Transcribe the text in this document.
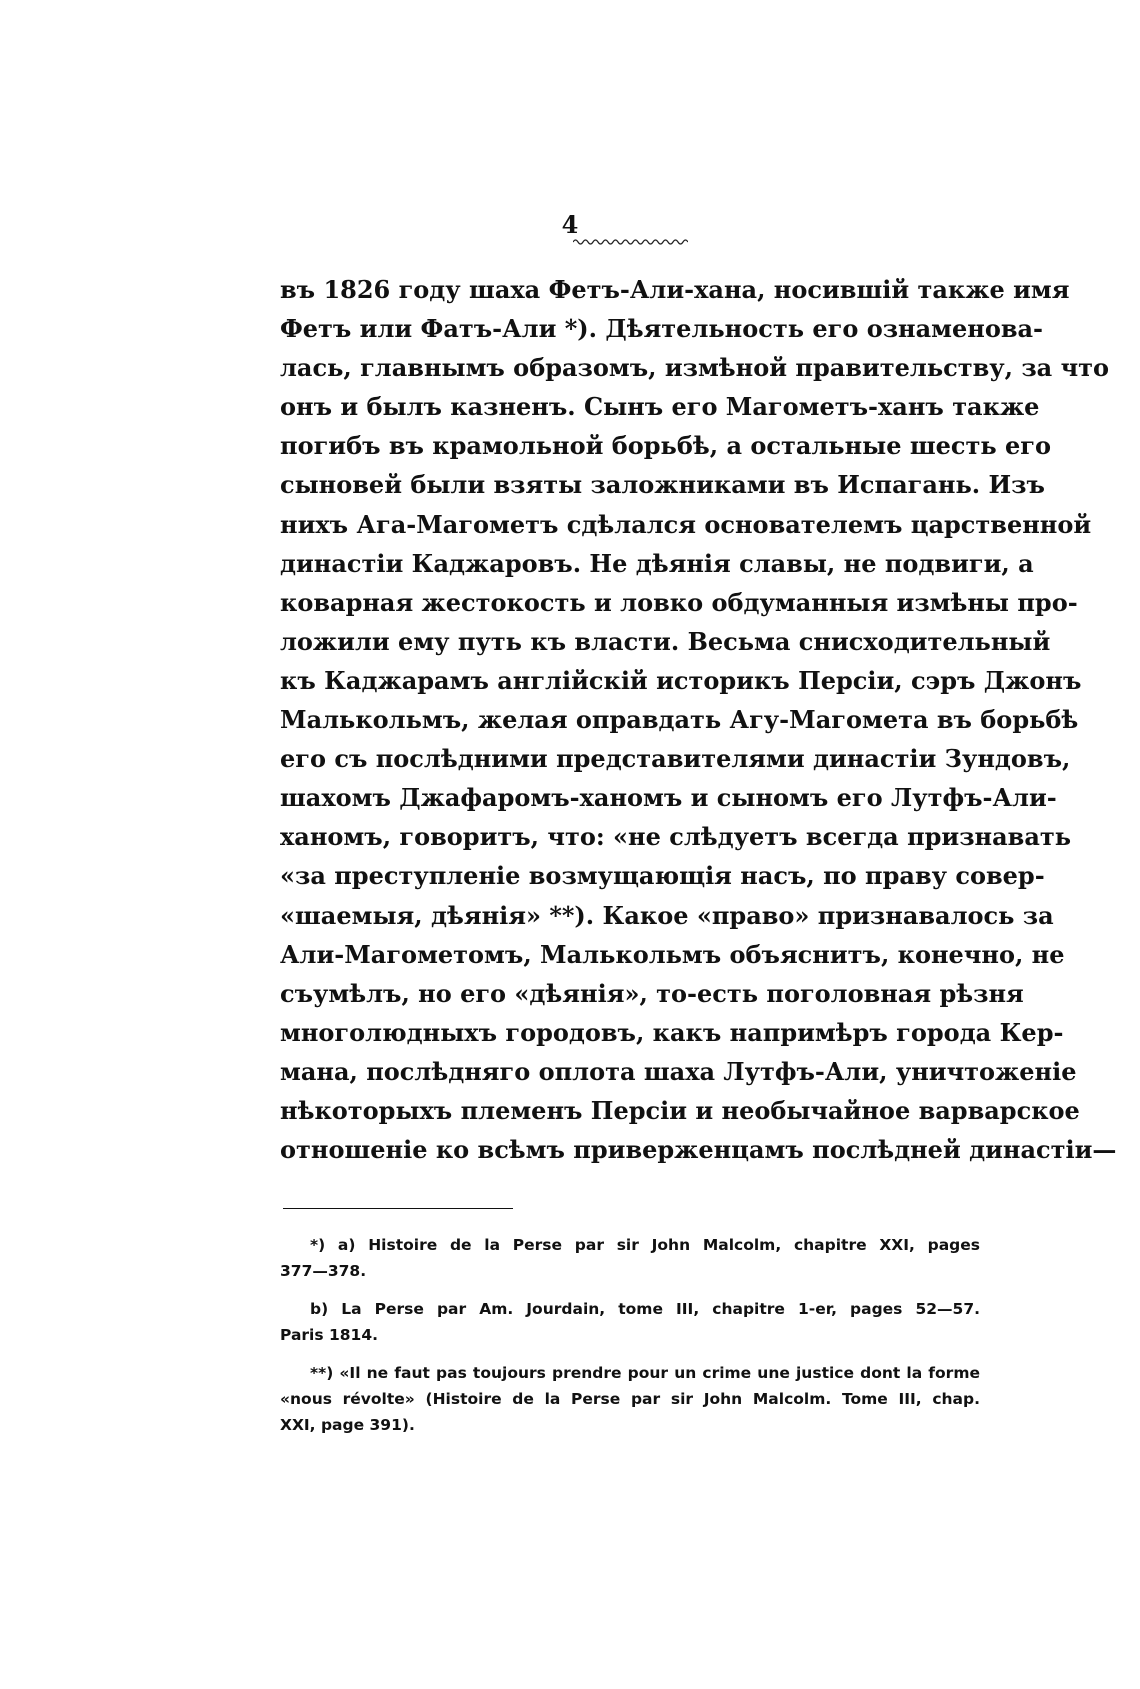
4
въ 1826 году шаха Фетъ-Али-хана, носившій также имя
Фетъ или Фатъ-Али *). Дѣятельность его ознаменова-
лась, главнымъ образомъ, измѣной правительству, за что
онъ и былъ казненъ. Сынъ его Магометъ-ханъ также
погибъ въ крамольной борьбѣ, а остальные шесть его
сыновей были взяты заложниками въ Испагань. Изъ
нихъ Ага-Магометъ сдѣлался основателемъ царственной
династіи Каджаровъ. Не дѣянія славы, не подвиги, а
коварная жестокость и ловко обдуманныя измѣны про-
ложили ему путь къ власти. Весьма снисходительный
къ Каджарамъ англійскій историкъ Персіи, сэръ Джонъ
Малькольмъ, желая оправдать Агу-Магомета въ борьбѣ
его съ послѣдними представителями династіи Зундовъ,
шахомъ Джафаромъ-ханомъ и сыномъ его Лутфъ-Али-
ханомъ, говоритъ, что: «не слѣдуетъ всегда признавать
«за преступленіе возмущающія насъ, по праву совер-
«шаемыя, дѣянія» **). Какое «право» признавалось за
Али-Магометомъ, Малькольмъ объяснитъ, конечно, не
съумѣлъ, но его «дѣянія», то-есть поголовная рѣзня
многолюдныхъ городовъ, какъ напримѣръ города Кер-
мана, послѣдняго оплота шаха Лутфъ-Али, уничтоженіе
нѣкоторыхъ племенъ Персіи и необычайное варварское
отношеніе ко всѣмъ приверженцамъ послѣдней династіи—
*) a) Histoire de la Perse par sir John Malcolm, chapitre XXI, pages
377—378.
b) La Perse par Am. Jourdain, tome III, chapitre 1-er, pages 52—57.
Paris 1814.
**) «Il ne faut pas toujours prendre pour un crime une justice dont la forme
«nous révolte» (Histoire de la Perse par sir John Malcolm. Tome III, chap.
XXI, page 391).
